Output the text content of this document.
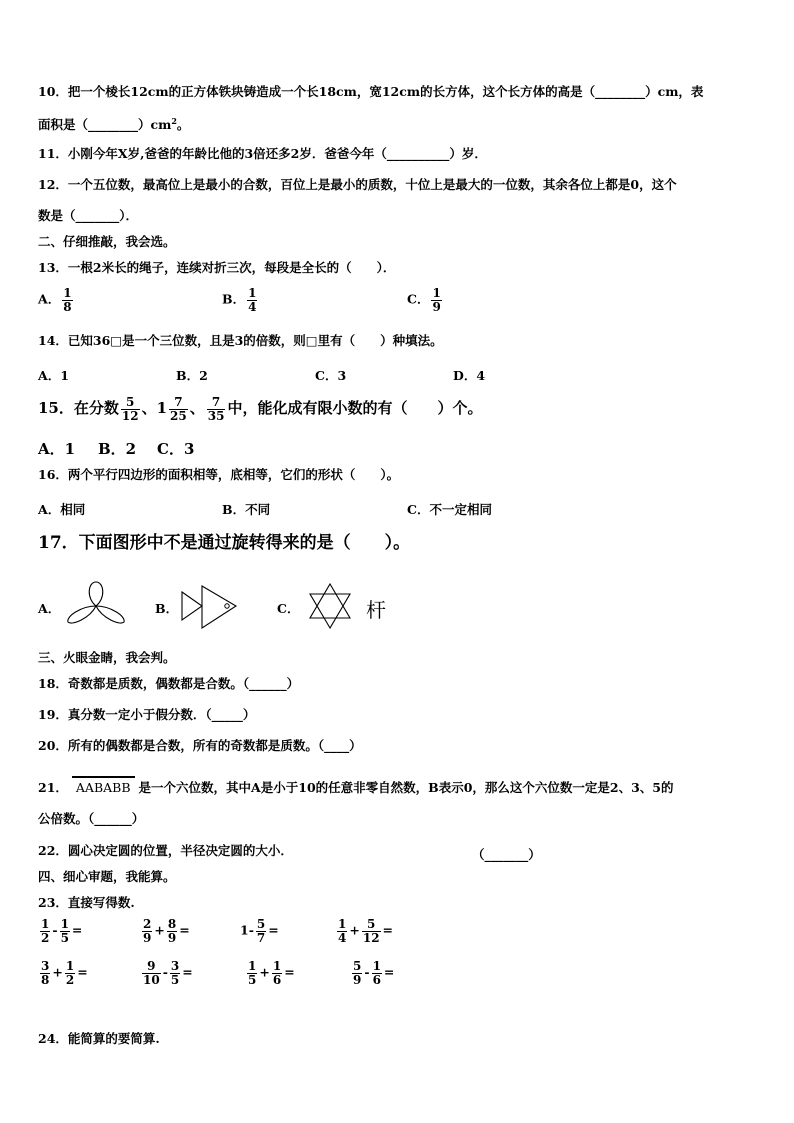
10．把一个棱长12cm的正方体铁块铸造成一个长18cm，宽12cm的长方体，这个长方体的高是（________）cm，表
面积是$(\_\_\_\_\_\_\_\_)cm^2$。
11．小刚今年X岁,爸爸的年龄比他的3倍还多2岁．爸爸今年（__________）岁．
12．一个五位数，最高位上是最小的合数，百位上是最小的质数，十位上是最大的一位数，其余各位上都是0，这个
数是（_______）．
二、仔细推敲，我会选。
13．一根2米长的绳子，连续对折三次，每段是全长的（　　）．
A． $\frac{1}{8}$	B． $\frac{1}{4}$	C． $\frac{1}{9}$
14．已知36□是一个三位数，且是3的倍数，则□里有（　　）种填法。
A．1	B．2	C．3	D．4
15．在分数 $\frac{5}{12}$ 、$1 \frac{7}{25}$ 、 $\frac{7}{35}$ 中，能化成有限小数的有（　　）个。
A．1 B．2 C．3
16．两个平行四边形的面积相等，底相等，它们的形状（　　）。
A．相同	B．不同	C．不一定相同
17．下面图形中不是通过旋转得来的是（　　）。
A．	B．	C．	杆
三、火眼金睛，我会判。
18．奇数都是质数，偶数都是合数。（______）
19．真分数一定小于假分数．（_____）
20．所有的偶数都是合数，所有的奇数都是质数。（____）
21． AABABB 是一个六位数，其中A是小于10的任意非零自然数，B表示0，那么这个六位数一定是2、3、5的
公倍数。（______）
22．圆心决定圆的位置，半径决定圆的大小．	（_______）
四、细心审题，我能算。
23．直接写得数.
$\frac{1}{2} - \frac{1}{5}$ =	$\frac{2}{9} + \frac{8}{9}$ =	$1- \frac{5}{7}$ =	$\frac{1}{4} + \frac{5}{12}$ =
$\frac{3}{8} + \frac{1}{2}$ =	$\frac{9}{10} - \frac{3}{5}$ =	$\frac{1}{5} + \frac{1}{6}$ =	$\frac{5}{9} - \frac{1}{6}$ =
24．能简算的要简算.
